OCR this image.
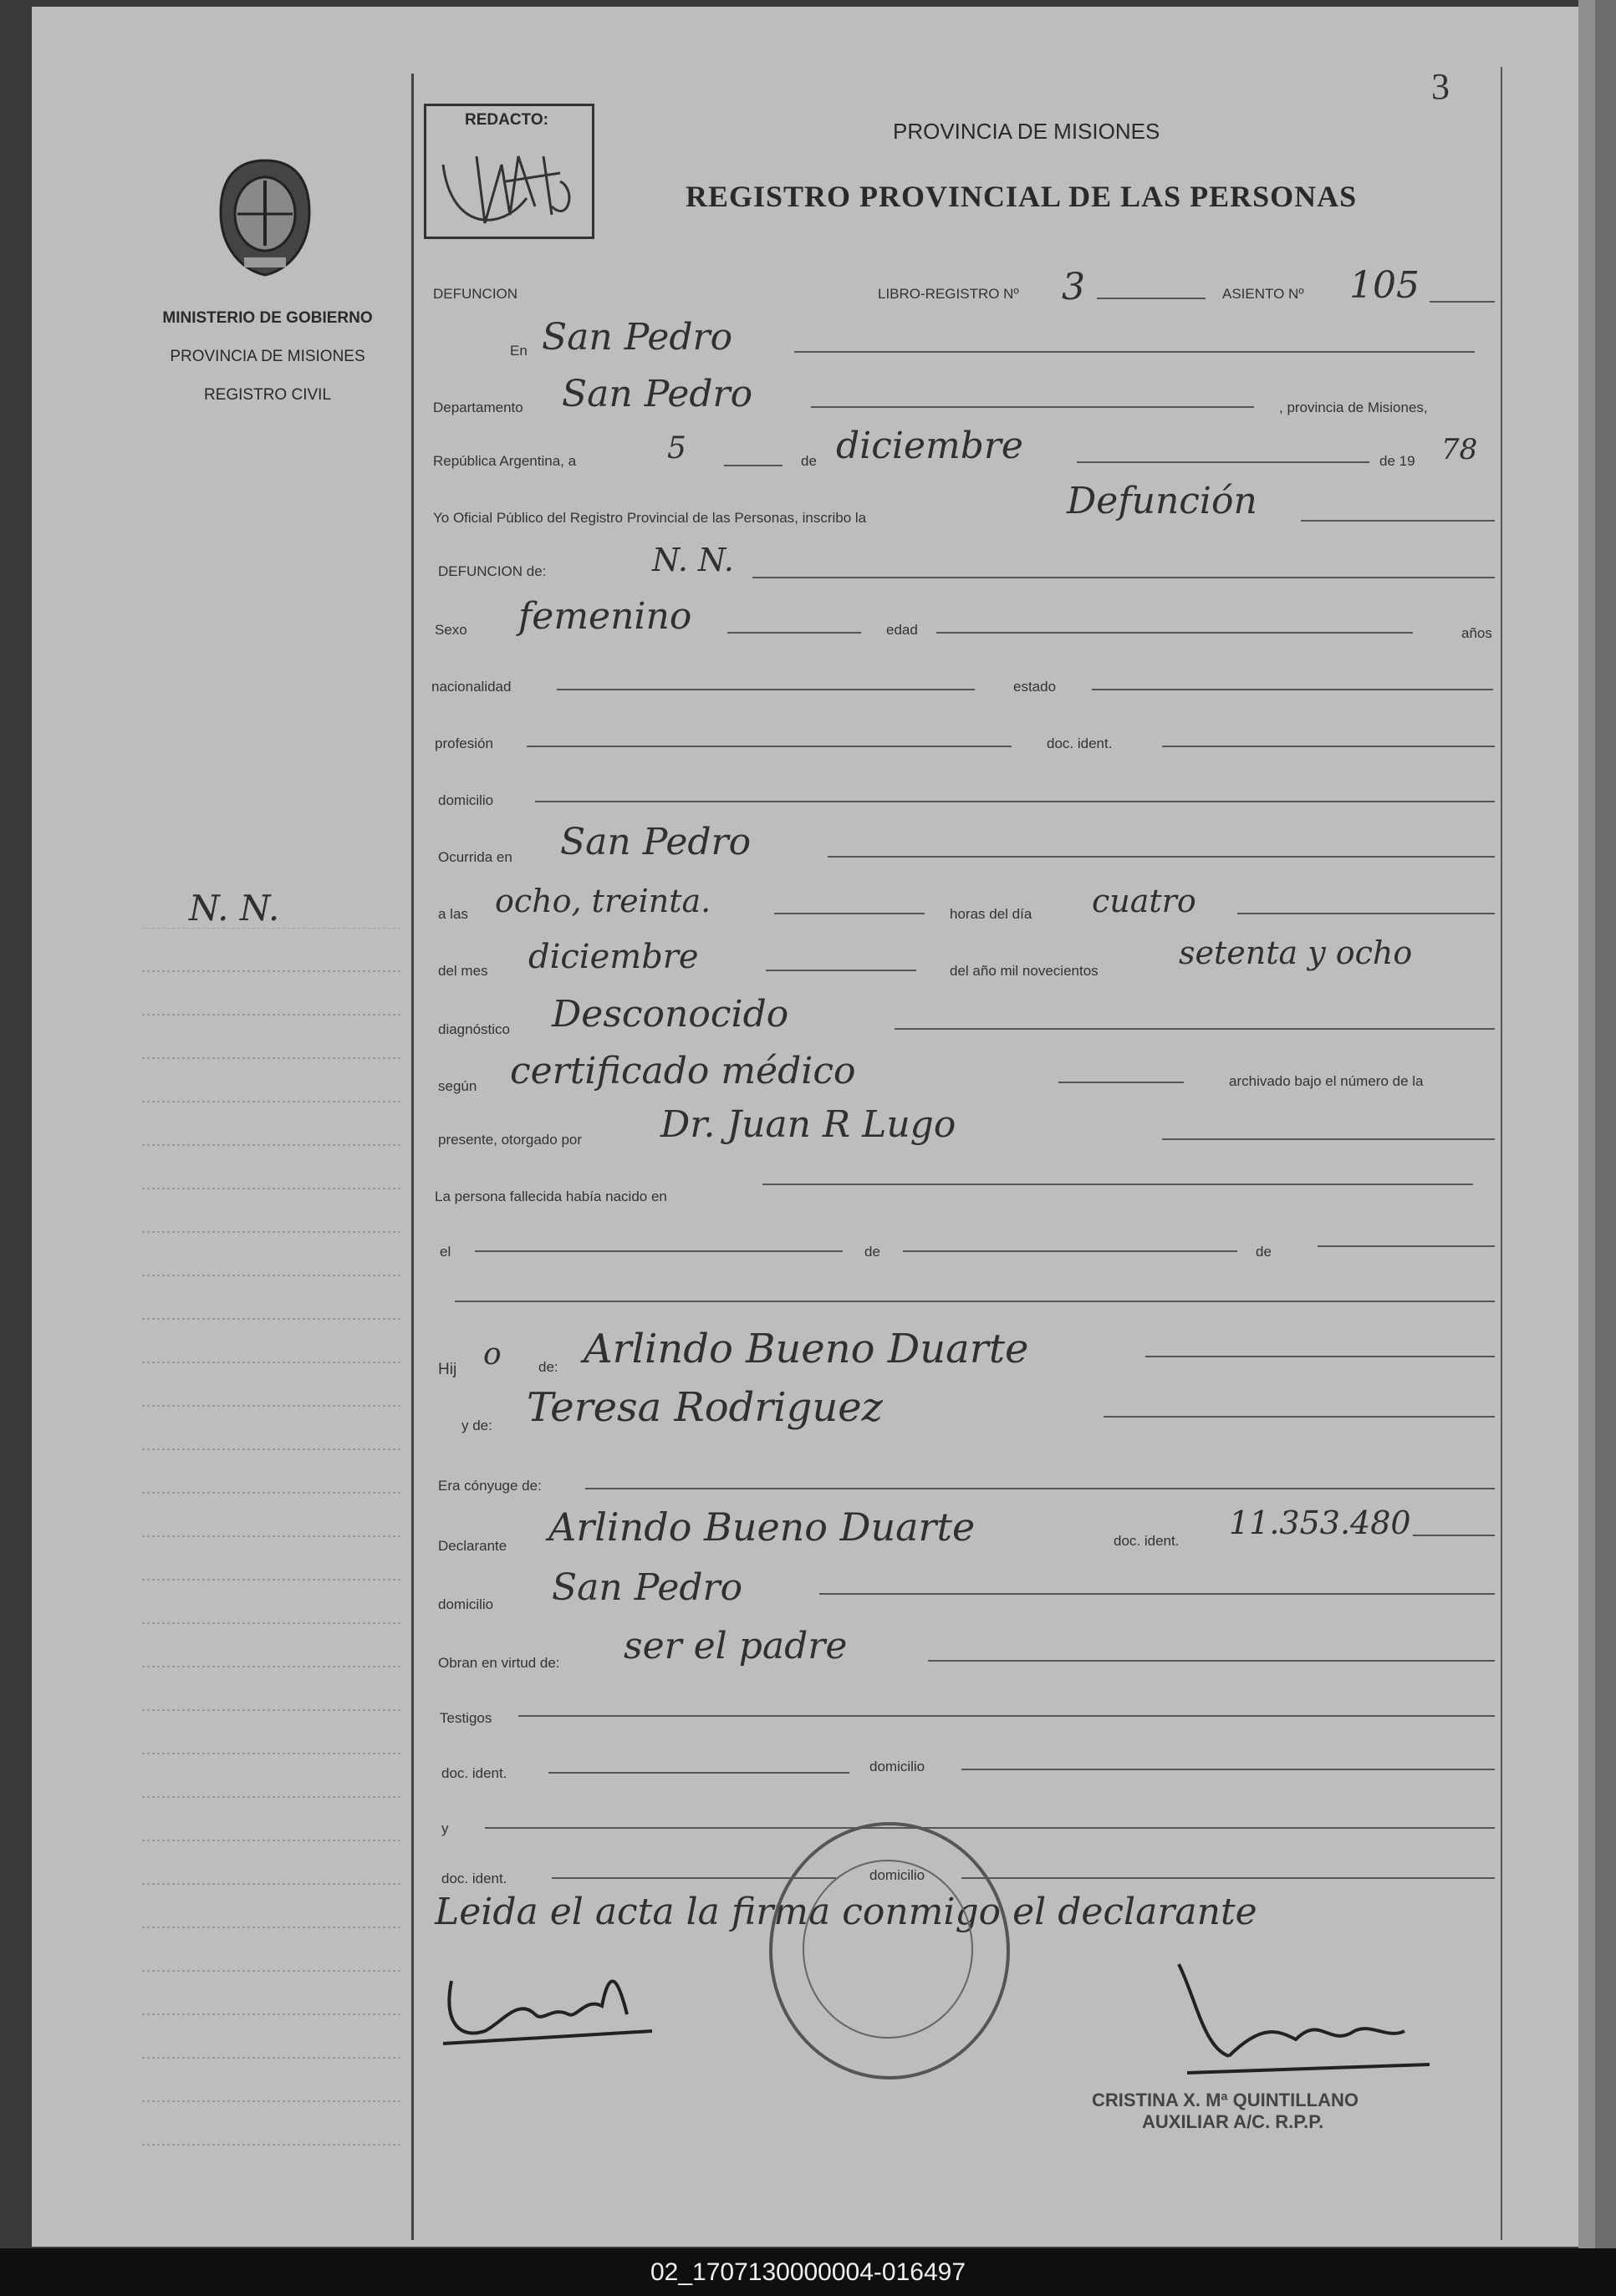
3
MINISTERIO DE GOBIERNO
PROVINCIA DE MISIONES
REGISTRO CIVIL
N. N.
REDACTO:	PROVINCIA DE MISIONES
REGISTRO PROVINCIAL DE LAS PERSONAS
DEFUNCION	LIBRO-REGISTRO Nº 3	ASIENTO Nº 105
En San Pedro
Departamento San Pedro	, provincia de Misiones,
República Argentina, a	5	de diciembre	de 19 78
Yo Oficial Público del Registro Provincial de las Personas, inscribo la	Defunción
DEFUNCION de:	N. N.
Sexo femenino	edad	años
nacionalidad	estado
profesión	doc. ident.
domicilio
Ocurrida en San Pedro
a las ocho, treinta.	horas del día cuatro
del mes diciembre	del año mil novecientos	setenta y ocho
diagnóstico Desconocido
según certificado médico	archivado bajo el número de la
presente, otorgado por Dr. Juan R Lugo
La persona fallecida había nacido en
el	de	de
Hij o	de: Arlindo Bueno Duarte
y de: Teresa Rodriguez
Era cónyuge de:
Declarante Arlindo Bueno Duarte	doc. ident. 11.353.480
domicilio San Pedro
Obran en virtud de: ser el padre
Testigos
doc. ident.	domicilio
y
doc. ident.	domicilio
Leida el acta la firma conmigo el declarante
CRISTINA X. Mª QUINTILLANO
AUXILIAR A/C. R.P.P.
02_1707130000004-016497
